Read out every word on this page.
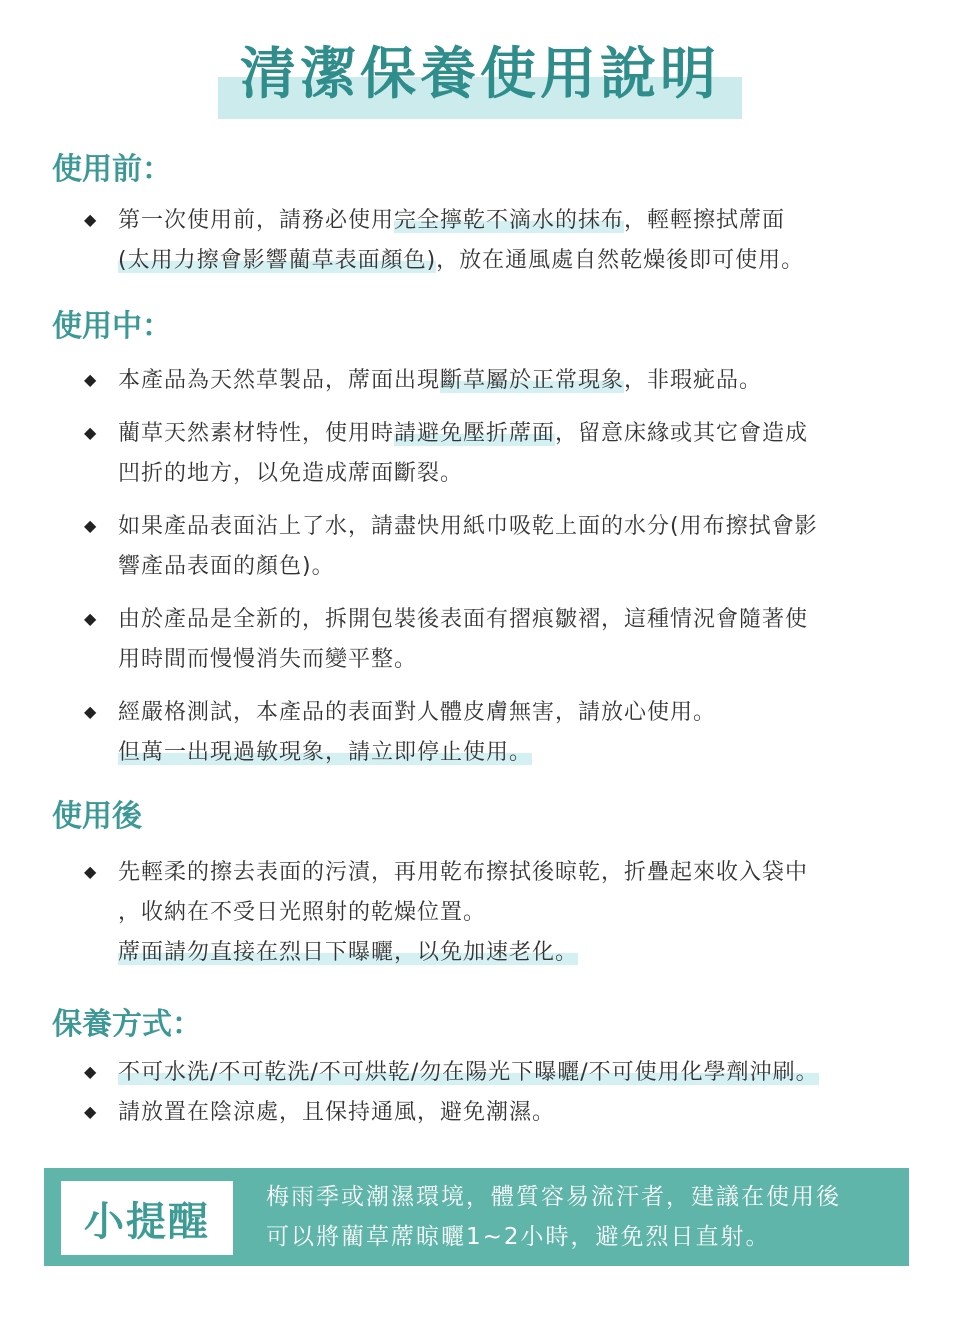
清潔保養使用說明
使用前：
◆ 第一次使用前，請務必使用完全擰乾不滴水的抹布，輕輕擦拭蓆面
(太用力擦會影響藺草表面顏色)，放在通風處自然乾燥後即可使用。
使用中：
◆ 本產品為天然草製品，蓆面出現斷草屬於正常現象，非瑕疵品。
◆ 藺草天然素材特性，使用時請避免壓折蓆面，留意床緣或其它會造成
凹折的地方，以免造成蓆面斷裂。
◆ 如果產品表面沾上了水，請盡快用紙巾吸乾上面的水分(用布擦拭會影
響產品表面的顏色)。
◆ 由於產品是全新的，拆開包裝後表面有摺痕皺褶，這種情況會隨著使
用時間而慢慢消失而變平整。
◆ 經嚴格測試，本產品的表面對人體皮膚無害，請放心使用。
但萬一出現過敏現象，請立即停止使用。
使用後
◆ 先輕柔的擦去表面的污漬，再用乾布擦拭後晾乾，折疊起來收入袋中
，收納在不受日光照射的乾燥位置。
蓆面請勿直接在烈日下曝曬，以免加速老化。
保養方式：
◆ 不可水洗/不可乾洗/不可烘乾/勿在陽光下曝曬/不可使用化學劑沖刷。
◆ 請放置在陰涼處，且保持通風，避免潮濕。
小提醒
梅雨季或潮濕環境，體質容易流汗者，建議在使用後
可以將藺草蓆晾曬1~2小時，避免烈日直射。
